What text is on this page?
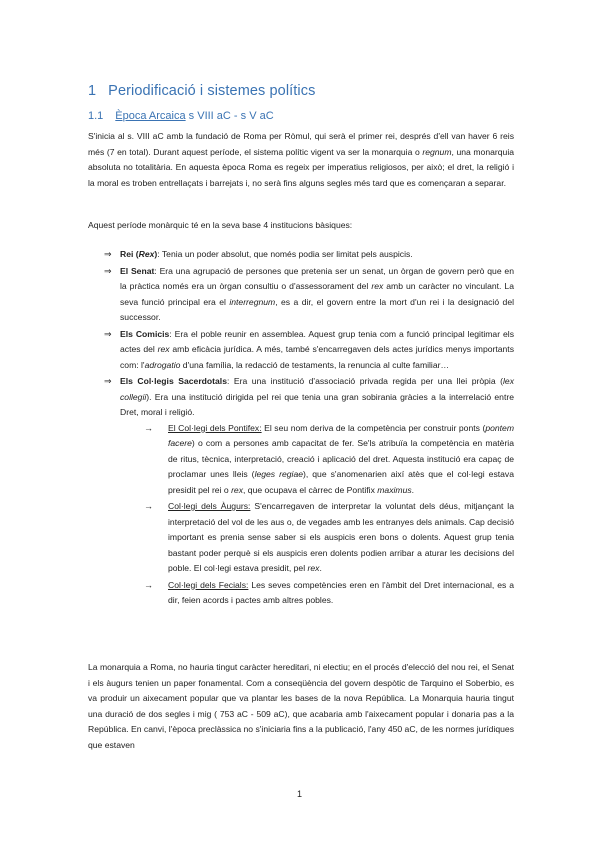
1 Periodificació i sistemes polítics
1.1 Època Arcaica s VIII aC - s V aC

S'inicia al s. VIII aC amb la fundació de Roma per Ròmul, qui serà el primer rei, després d'ell van haver 6 reis més (7 en total). Durant aquest període, el sistema polític vigent va ser la monarquia o regnum, una monarquia absoluta no totalitària. En aquesta època Roma es regeix per imperatius religiosos, per això; el dret, la religió i la moral es troben entrellaçats i barrejats i, no serà fins alguns segles més tard que es començaran a separar.

Aquest període monàrquic té en la seva base 4 institucions bàsiques:

⇒ Rei (Rex): Tenia un poder absolut, que només podia ser limitat pels auspicis.
⇒ El Senat: Era una agrupació de persones que pretenia ser un senat, un òrgan de govern però que en la pràctica només era un òrgan consultiu o d'assessorament del rex amb un caràcter no vinculant. La seva funció principal era el interregnum, es a dir, el govern entre la mort d'un rei i la designació del successor.
⇒ Els Comicis: Era el poble reunir en assemblea. Aquest grup tenia com a funció principal legitimar els actes del rex amb eficàcia jurídica. A més, també s'encarregaven dels actes jurídics menys importants com: l'adrogatio d'una família, la redacció de testaments, la renuncia al culte familiar…
⇒ Els Col·legis Sacerdotals: Era una institució d'associació privada regida per una llei pròpia (lex collegii). Era una institució dirigida pel rei que tenia una gran sobirania gràcies a la interrelació entre Dret, moral i religió.
→ El Col·legi dels Pontifex: El seu nom deriva de la competència per construir ponts (pontem facere) o com a persones amb capacitat de fer. Se'ls atribuïa la competència en matèria de ritus, tècnica, interpretació, creació i aplicació del dret. Aquesta institució era capaç de proclamar unes lleis (leges regiae), que s'anomenarien així atès que el col·legi estava presidit pel rei o rex, que ocupava el càrrec de Pontifix maximus.
→ Col·legi dels Àugurs: S'encarregaven de interpretar la voluntat dels déus, mitjançant la interpretació del vol de les aus o, de vegades amb les entranyes dels animals. Cap decisió important es prenia sense saber si els auspicis eren bons o dolents. Aquest grup tenia bastant poder perquè si els auspicis eren dolents podien arribar a aturar les decisions del poble. El col·legi estava presidit, pel rex.
→ Col·legi dels Fecials: Les seves competències eren en l'àmbit del Dret internacional, es a dir, feien acords i pactes amb altres pobles.

La monarquia a Roma, no hauria tingut caràcter hereditari, ni electiu; en el procés d'elecció del nou rei, el Senat i els àugurs tenien un paper fonamental. Com a conseqüència del govern despòtic de Tarquino el Soberbio, es va produir un aixecament popular que va plantar les bases de la nova República. La Monarquia hauria tingut una duració de dos segles i mig ( 753 aC - 509 aC), que acabaria amb l'aixecament popular i donaria pas a la República. En canvi, l'època preclàssica no s'iniciaria fins a la publicació, l'any 450 aC, de les normes jurídiques que estaven

1
